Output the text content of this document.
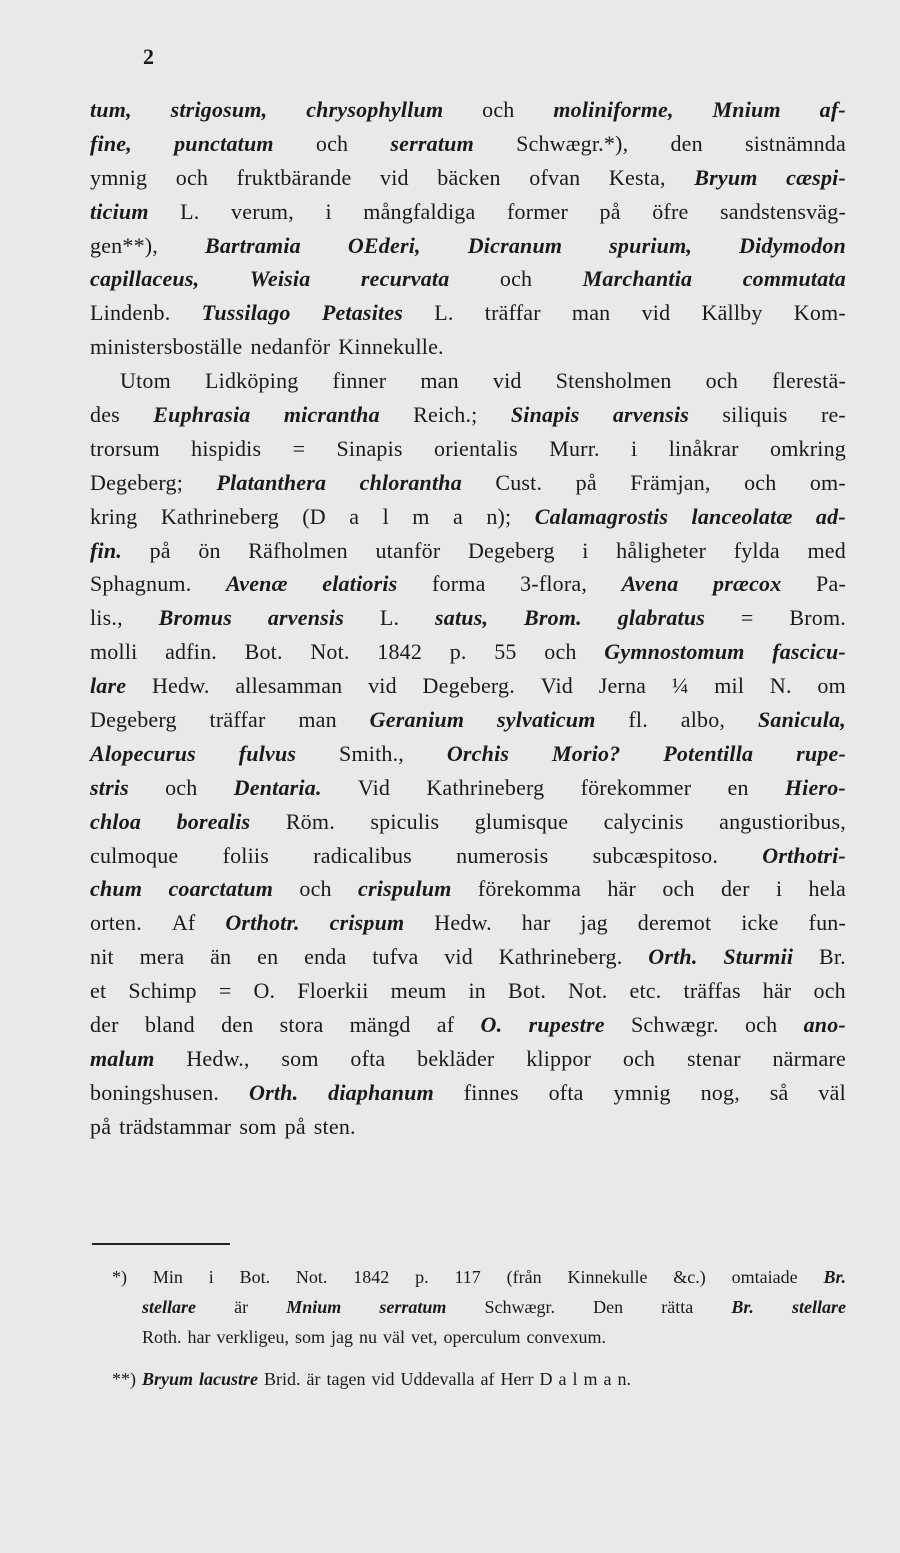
2
tum, strigosum, chrysophyllum och moliniforme, Mnium af-
fine, punctatum och serratum Schwægr.*), den sistnämnda
ymnig och fruktbärande vid bäcken ofvan Kesta, Bryum cæspi-
ticium L. verum, i mångfaldiga former på öfre sandstensväg-
gen**), Bartramia OEderi, Dicranum spurium, Didymodon
capillaceus, Weisia recurvata och Marchantia commutata
Lindenb. Tussilago Petasites L. träffar man vid Källby Kom-
ministersboställe nedanför Kinnekulle.
Utom Lidköping finner man vid Stensholmen och flerestä-
des Euphrasia micrantha Reich.; Sinapis arvensis siliquis re-
trorsum hispidis = Sinapis orientalis Murr. i linåkrar omkring
Degeberg; Platanthera chlorantha Cust. på Främjan, och om-
kring Kathrineberg (D a l m a n); Calamagrostis lanceolatæ ad-
fin. på ön Räfholmen utanför Degeberg i håligheter fylda med
Sphagnum. Avenæ elatioris forma 3-flora, Avena præcox Pa-
lis., Bromus arvensis L. satus, Brom. glabratus = Brom.
molli adfin. Bot. Not. 1842 p. 55 och Gymnostomum fascicu-
lare Hedw. allesamman vid Degeberg. Vid Jerna ¼ mil N. om
Degeberg träffar man Geranium sylvaticum fl. albo, Sanicula,
Alopecurus fulvus Smith., Orchis Morio? Potentilla rupe-
stris och Dentaria. Vid Kathrineberg förekommer en Hiero-
chloa borealis Röm. spiculis glumisque calycinis angustioribus,
culmoque foliis radicalibus numerosis subcæspitoso. Orthotri-
chum coarctatum och crispulum förekomma här och der i hela
orten. Af Orthotr. crispum Hedw. har jag deremot icke fun-
nit mera än en enda tufva vid Kathrineberg. Orth. Sturmii Br.
et Schimp = O. Floerkii meum in Bot. Not. etc. träffas här och
der bland den stora mängd af O. rupestre Schwægr. och ano-
malum Hedw., som ofta bekläder klippor och stenar närmare
boningshusen. Orth. diaphanum finnes ofta ymnig nog, så väl
på trädstammar som på sten.
*) Min i Bot. Not. 1842 p. 117 (från Kinnekulle &c.) omtaiade Br.
stellare är Mnium serratum Schwægr. Den rätta Br. stellare
Roth. har verkligeu, som jag nu väl vet, operculum convexum.
**) Bryum lacustre Brid. är tagen vid Uddevalla af Herr D a l m a n.
